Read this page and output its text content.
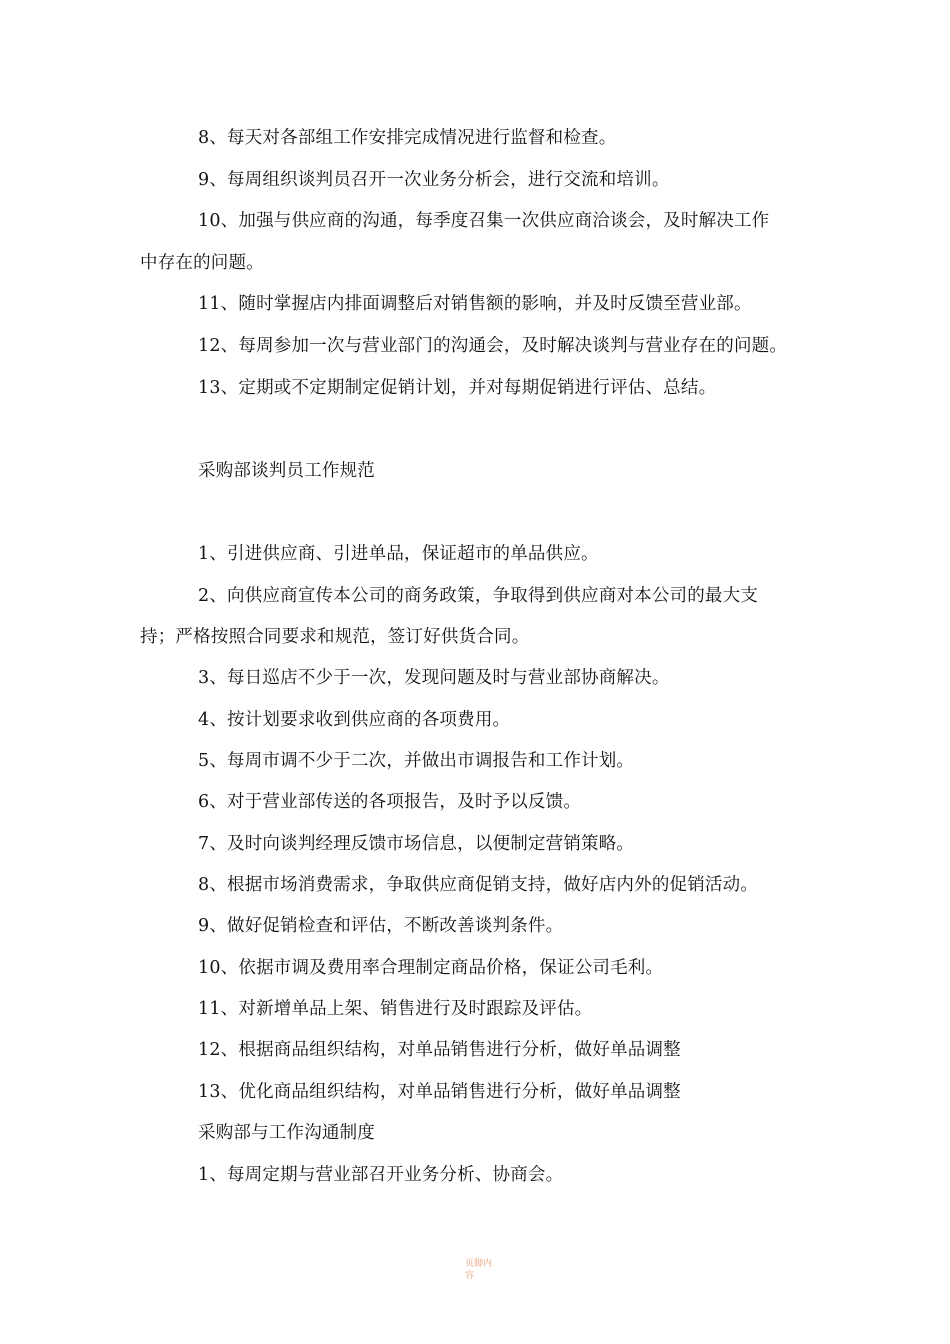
8、每天对各部组工作安排完成情况进行监督和检查。
9、每周组织谈判员召开一次业务分析会，进行交流和培训。
10、加强与供应商的沟通，每季度召集一次供应商洽谈会，及时解决工作
中存在的问题。
11、随时掌握店内排面调整后对销售额的影响，并及时反馈至营业部。
12、每周参加一次与营业部门的沟通会，及时解决谈判与营业存在的问题。
13、定期或不定期制定促销计划，并对每期促销进行评估、总结。
采购部谈判员工作规范
1、引进供应商、引进单品，保证超市的单品供应。
2、向供应商宣传本公司的商务政策，争取得到供应商对本公司的最大支
持；严格按照合同要求和规范，签订好供货合同。
3、每日巡店不少于一次，发现问题及时与营业部协商解决。
4、按计划要求收到供应商的各项费用。
5、每周市调不少于二次，并做出市调报告和工作计划。
6、对于营业部传送的各项报告，及时予以反馈。
7、及时向谈判经理反馈市场信息，以便制定营销策略。
8、根据市场消费需求，争取供应商促销支持，做好店内外的促销活动。
9、做好促销检查和评估，不断改善谈判条件。
10、依据市调及费用率合理制定商品价格，保证公司毛利。
11、对新增单品上架、销售进行及时跟踪及评估。
12、根据商品组织结构，对单品销售进行分析，做好单品调整
13、优化商品组织结构，对单品销售进行分析，做好单品调整
采购部与工作沟通制度
1、每周定期与营业部召开业务分析、协商会。
页脚内容
